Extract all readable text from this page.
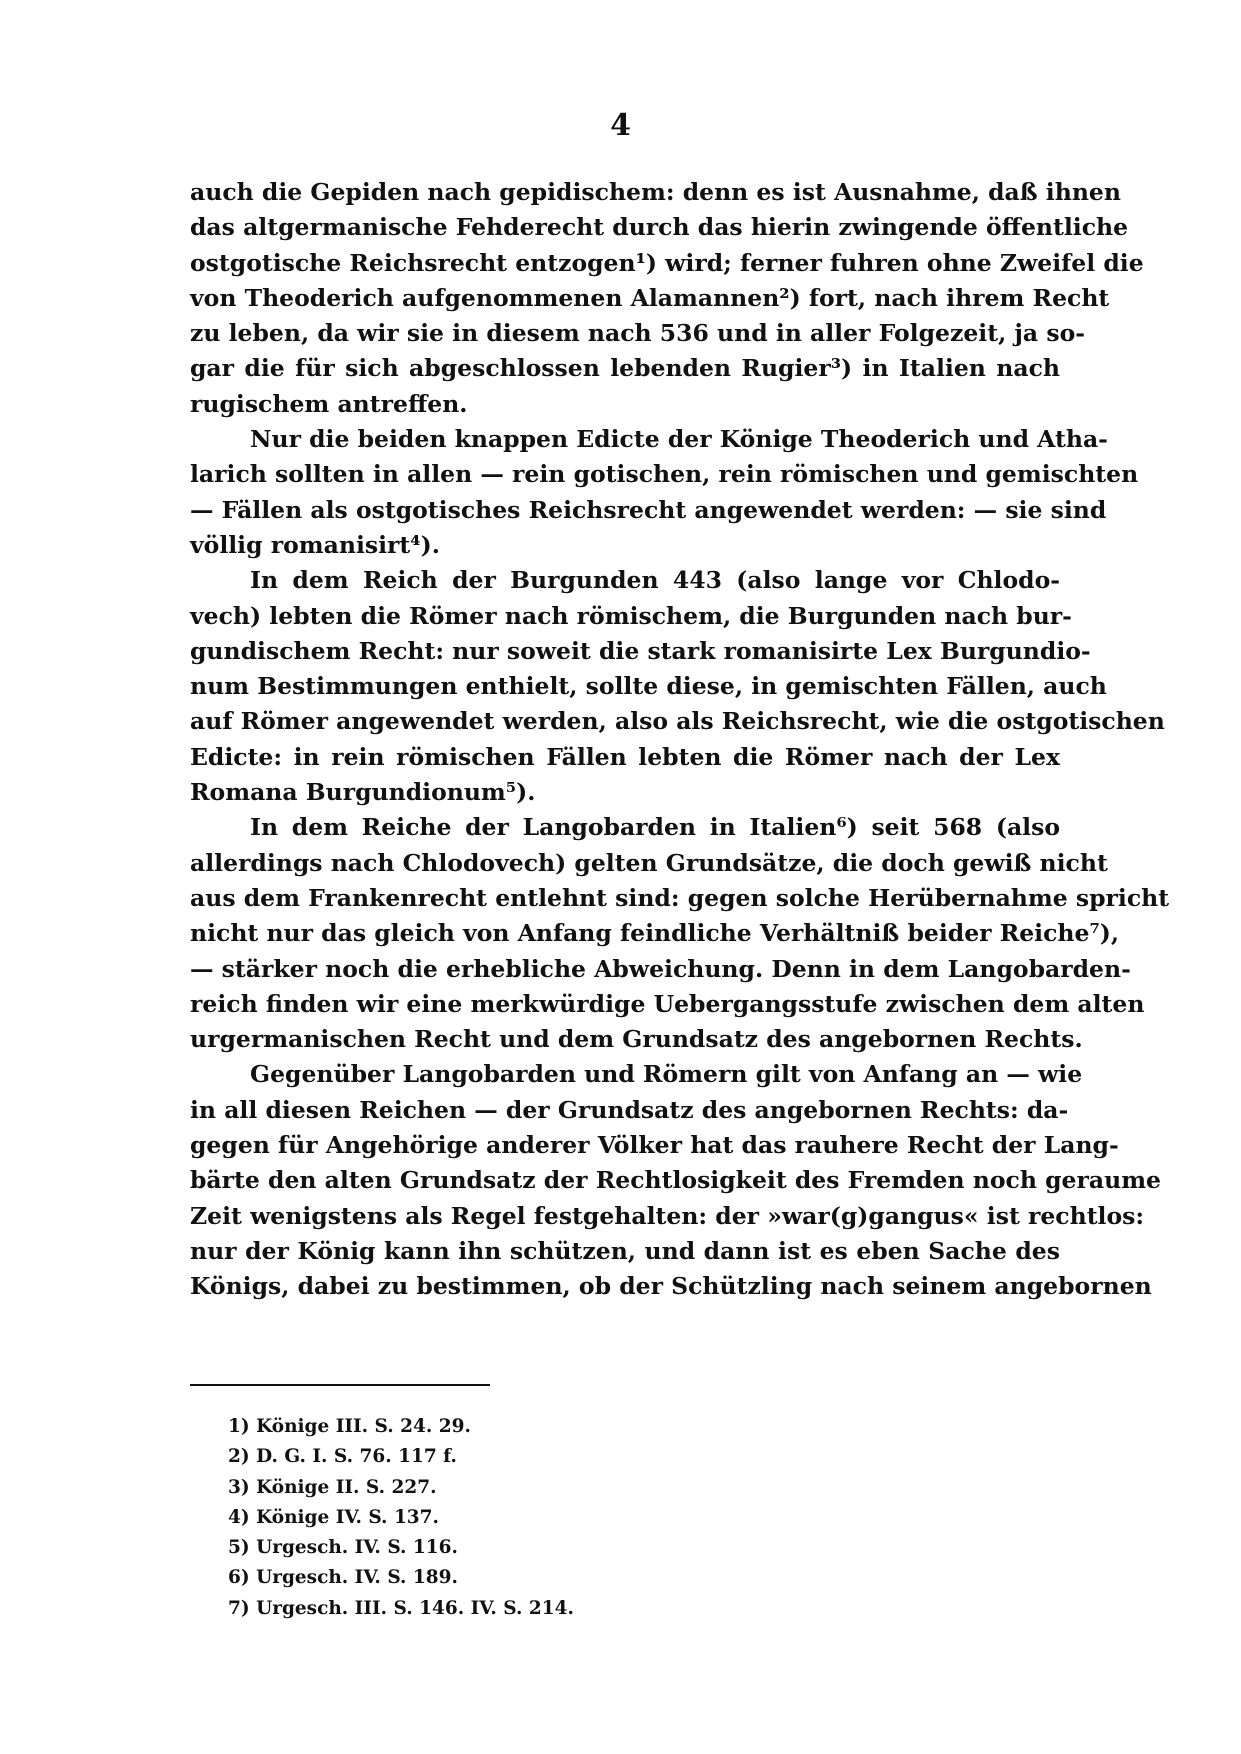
4
auch die Gepiden nach gepidischem: denn es ist Ausnahme, daß ihnen
das altgermanische Fehderecht durch das hierin zwingende öffentliche
ostgotische Reichsrecht entzogen¹) wird; ferner fuhren ohne Zweifel die
von Theoderich aufgenommenen Alamannen²) fort, nach ihrem Recht
zu leben, da wir sie in diesem nach 536 und in aller Folgezeit, ja so-
gar die für sich abgeschlossen lebenden Rugier³) in Italien nach
rugischem antreffen.
Nur die beiden knappen Edicte der Könige Theoderich und Atha-
larich sollten in allen — rein gotischen, rein römischen und gemischten
— Fällen als ostgotisches Reichsrecht angewendet werden: — sie sind
völlig romanisirt⁴).
In dem Reich der Burgunden 443 (also lange vor Chlodo-
vech) lebten die Römer nach römischem, die Burgunden nach bur-
gundischem Recht: nur soweit die stark romanisirte Lex Burgundio-
num Bestimmungen enthielt, sollte diese, in gemischten Fällen, auch
auf Römer angewendet werden, also als Reichsrecht, wie die ostgotischen
Edicte: in rein römischen Fällen lebten die Römer nach der Lex
Romana Burgundionum⁵).
In dem Reiche der Langobarden in Italien⁶) seit 568 (also
allerdings nach Chlodovech) gelten Grundsätze, die doch gewiß nicht
aus dem Frankenrecht entlehnt sind: gegen solche Herübernahme spricht
nicht nur das gleich von Anfang feindliche Verhältniß beider Reiche⁷),
— stärker noch die erhebliche Abweichung. Denn in dem Langobarden-
reich finden wir eine merkwürdige Uebergangsstufe zwischen dem alten
urgermanischen Recht und dem Grundsatz des angebornen Rechts.
Gegenüber Langobarden und Römern gilt von Anfang an — wie
in all diesen Reichen — der Grundsatz des angebornen Rechts: da-
gegen für Angehörige anderer Völker hat das rauhere Recht der Lang-
bärte den alten Grundsatz der Rechtlosigkeit des Fremden noch geraume
Zeit wenigstens als Regel festgehalten: der »war(g)gangus« ist rechtlos:
nur der König kann ihn schützen, und dann ist es eben Sache des
Königs, dabei zu bestimmen, ob der Schützling nach seinem angebornen
1) Könige III. S. 24. 29.
2) D. G. I. S. 76. 117 f.
3) Könige II. S. 227.
4) Könige IV. S. 137.
5) Urgesch. IV. S. 116.
6) Urgesch. IV. S. 189.
7) Urgesch. III. S. 146. IV. S. 214.
